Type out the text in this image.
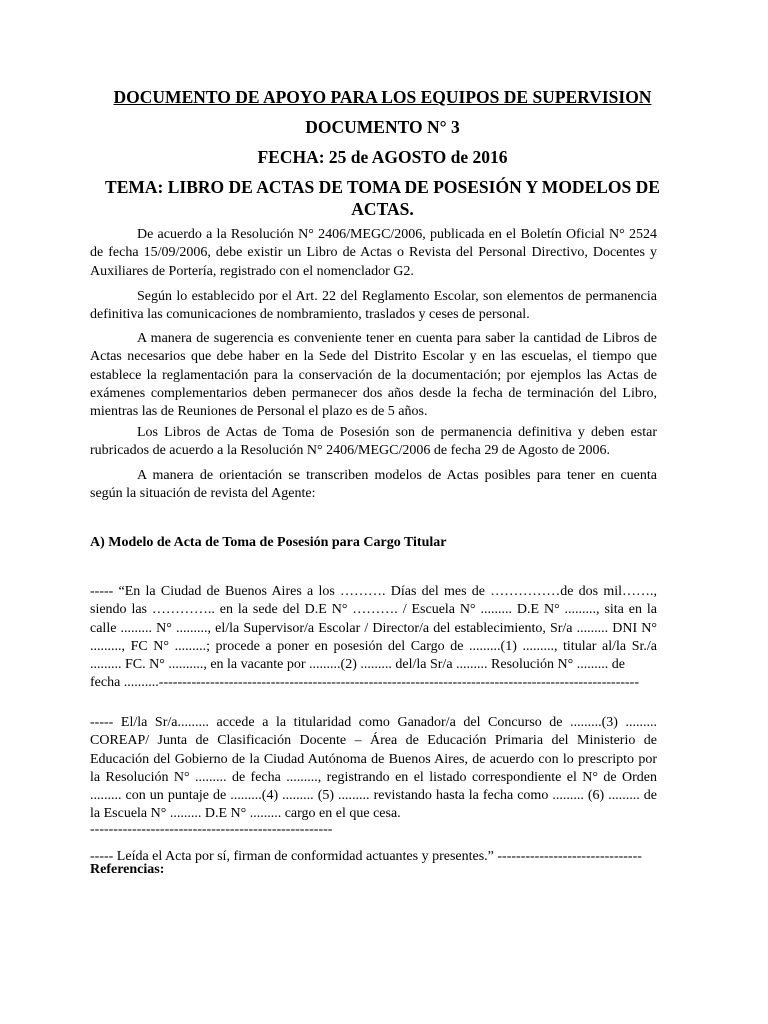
DOCUMENTO DE APOYO PARA LOS EQUIPOS DE SUPERVISION
DOCUMENTO N° 3
FECHA: 25 de AGOSTO de 2016
TEMA: LIBRO DE ACTAS DE TOMA DE POSESIÓN Y MODELOS DE ACTAS.

De acuerdo a la Resolución N° 2406/MEGC/2006, publicada en el Boletín Oficial N° 2524 de fecha 15/09/2006, debe existir un Libro de Actas o Revista del Personal Directivo, Docentes y Auxiliares de Portería, registrado con el nomenclador G2.

Según lo establecido por el Art. 22 del Reglamento Escolar, son elementos de permanencia definitiva las comunicaciones de nombramiento, traslados y ceses de personal.

A manera de sugerencia es conveniente tener en cuenta para saber la cantidad de Libros de Actas necesarios que debe haber en la Sede del Distrito Escolar y en las escuelas, el tiempo que establece la reglamentación para la conservación de la documentación; por ejemplos las Actas de exámenes complementarios deben permanecer dos años desde la fecha de terminación del Libro, mientras las de Reuniones de Personal el plazo es de 5 años.

Los Libros de Actas de Toma de Posesión son de permanencia definitiva y deben estar rubricados de acuerdo a la Resolución N° 2406/MEGC/2006 de fecha 29 de Agosto de 2006.

A manera de orientación se transcriben modelos de Actas posibles para tener en cuenta según la situación de revista del Agente:

A) Modelo de Acta de Toma de Posesión para Cargo Titular

----- “En la Ciudad de Buenos Aires a los ………. Días del mes de ……………de dos mil……., siendo las ………….. en la sede del D.E N° ………. / Escuela N° ......... D.E N° ........., sita en la calle ......... N° ........., el/la Supervisor/a Escolar / Director/a del establecimiento, Sr/a ......... DNI N° ........., FC N° .........; procede a poner en posesión del Cargo de .........(1) ........., titular al/la Sr./a ......... FC. N° .........., en la vacante por .........(2) ......... del/la Sr/a ......... Resolución N° ......... de

fecha ..........-------------------------------------------------------------------------------------------------------

----- El/la Sr/a......... accede a la titularidad como Ganador/a del Concurso de .........(3) ......... COREAP/ Junta de Clasificación Docente – Área de Educación Primaria del Ministerio de Educación del Gobierno de la Ciudad Autónoma de Buenos Aires, de acuerdo con lo prescripto por la Resolución N° ......... de fecha ........., registrando en el listado correspondiente el N° de Orden ......... con un puntaje de .........(4) ......... (5) ......... revistando hasta la fecha como ......... (6) ......... de la Escuela N° ......... D.E N° ......... cargo en el que cesa.

----------------------------------------------------

----- Leída el Acta por sí, firman de conformidad actuantes y presentes.” -------------------------------

Referencias:
